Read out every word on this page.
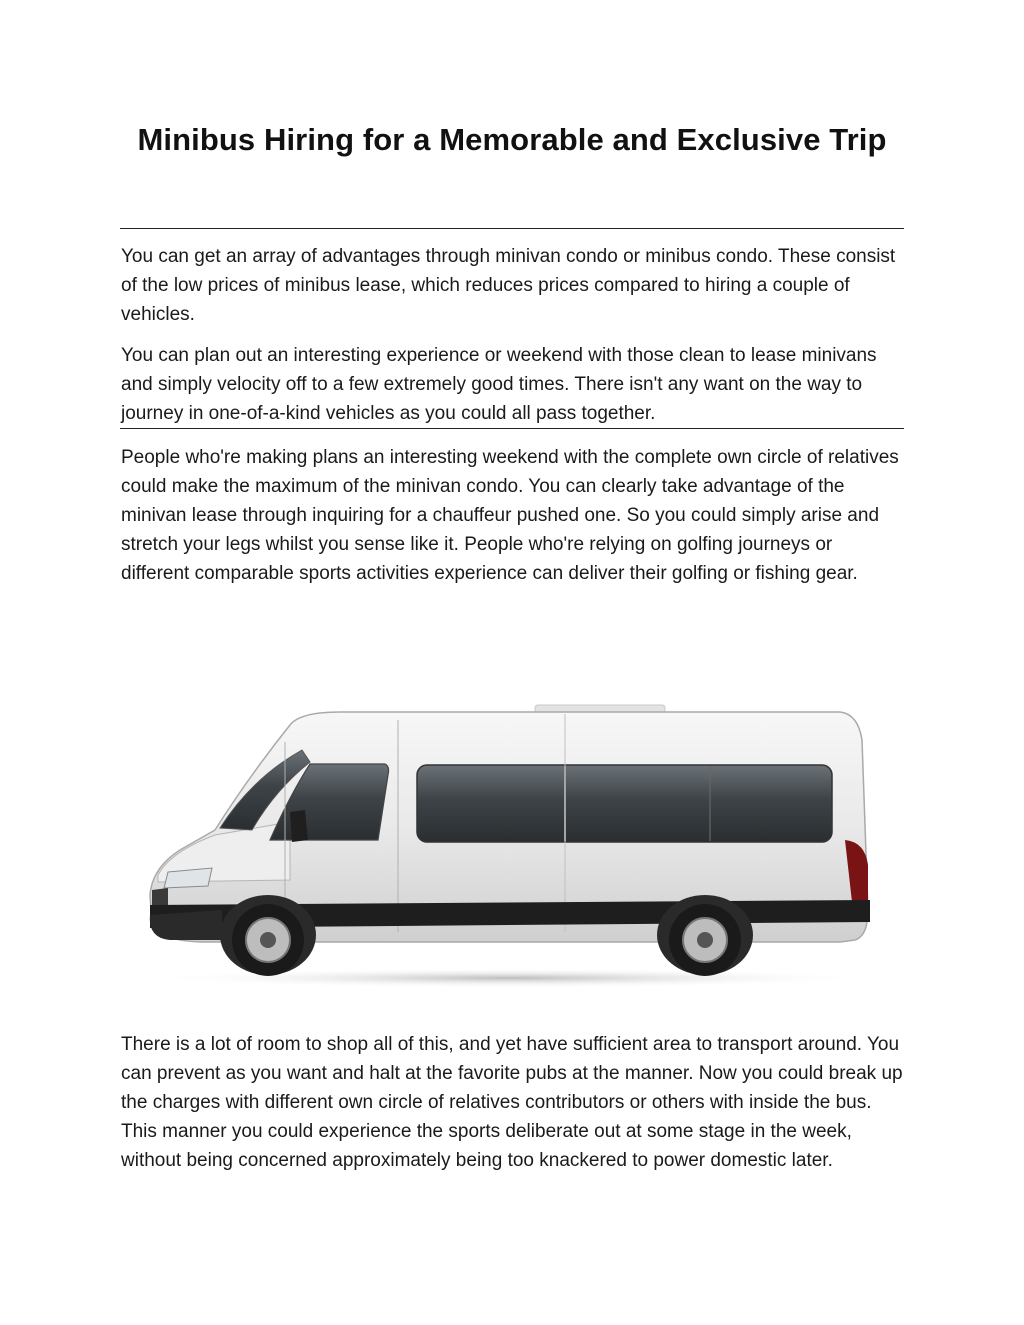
Minibus Hiring for a Memorable and Exclusive Trip

You can get an array of advantages through minivan condo or minibus condo. These consist of the low prices of minibus lease, which reduces prices compared to hiring a couple of vehicles.

You can plan out an interesting experience or weekend with those clean to lease minivans and simply velocity off to a few extremely good times. There isn't any want on the way to journey in one-of-a-kind vehicles as you could all pass together.

People who're making plans an interesting weekend with the complete own circle of relatives could make the maximum of the minivan condo. You can clearly take advantage of the minivan lease through inquiring for a chauffeur pushed one. So you could simply arise and stretch your legs whilst you sense like it. People who're relying on golfing journeys or different comparable sports activities experience can deliver their golfing or fishing gear.

There is a lot of room to shop all of this, and yet have sufficient area to transport around. You can prevent as you want and halt at the favorite pubs at the manner. Now you could break up the charges with different own circle of relatives contributors or others with inside the bus. This manner you could experience the sports deliberate out at some stage in the week, without being concerned approximately being too knackered to power domestic later.
